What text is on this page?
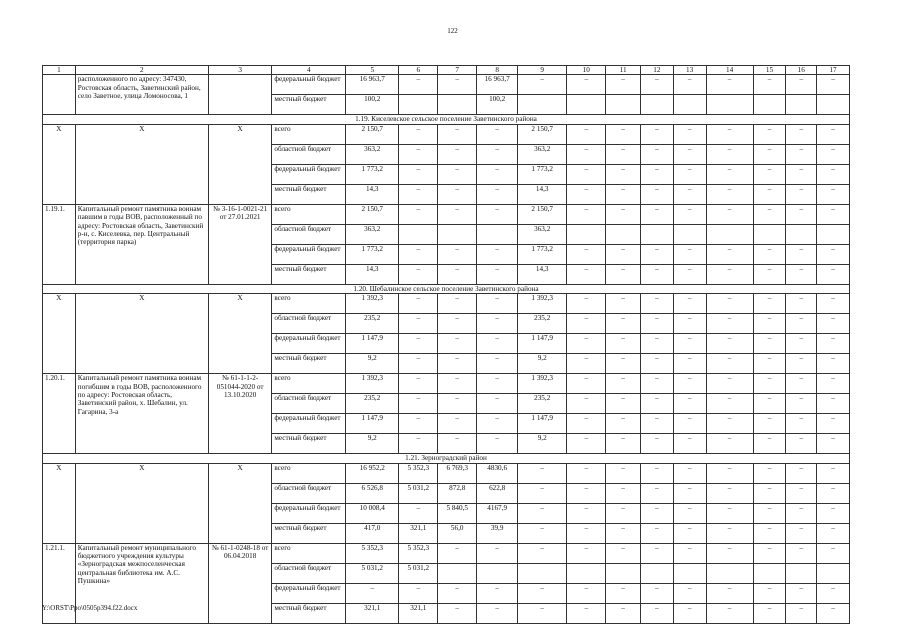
122
1	2	3	4	5	6	7	8	9	10	11	12	13	14	15	16	17
	расположенного по адресу: 347430, Ростовская область, Заветинский район, село Заветное, улица Ломоносова, 1		федеральный бюджет	16 963,7	–	–	16 963,7	–	–	–	–	–	–	–	–	–
			местный бюджет	100,2			100,2									
1.19. Киселевское сельское поселение Заветинского района																
X	X	X	всего	2 150,7	–	–	–	2 150,7	–	–	–	–	–	–	–	–
			областной бюджет	363,2	–	–	–	363,2	–	–	–	–	–	–	–	–
			федеральный бюджет	1 773,2	–	–	–	1 773,2	–	–	–	–	–	–	–	–
			местный бюджет	14,3	–	–	–	14,3	–	–	–	–	–	–	–	–
1.19.1.	Капитальный ремонт памятника воинам павшим в годы ВОВ, расположенный по адресу: Ростовская область, Заветинский р-н, с. Киселевка, пер. Центральный (территория парка)	№ 3-16-1-0021-21 от 27.01.2021	всего	2 150,7	–	–	–	2 150,7	–	–	–	–	–	–	–	–
			областной бюджет	363,2				363,2								
			федеральный бюджет	1 773,2	–	–	–	1 773,2	–	–	–	–	–	–	–	–
			местный бюджет	14,3	–	–	–	14,3	–	–	–	–	–	–	–	–
1.20. Шебалинское сельское поселение Заветинского района																
X	X	X	всего	1 392,3	–	–	–	1 392,3	–	–	–	–	–	–	–	–
			областной бюджет	235,2	–	–	–	235,2	–	–	–	–	–	–	–	–
			федеральный бюджет	1 147,9	–	–	–	1 147,9	–	–	–	–	–	–	–	–
			местный бюджет	9,2	–	–	–	9,2	–	–	–	–	–	–	–	–
1.20.1.	Капитальный ремонт памятника воинам погибшим в годы ВОВ, расположенного по адресу: Ростовская область, Заветинский район, х. Шебалин, ул. Гагарина, 3-а	№ 61-1-1-2-051044-2020 от 13.10.2020	всего	1 392,3	–	–	–	1 392,3	–	–	–	–	–	–	–	–
			областной бюджет	235,2	–	–	–	235,2	–	–	–	–	–	–	–	–
			федеральный бюджет	1 147,9	–	–	–	1 147,9	–	–	–	–	–	–	–	–
			местный бюджет	9,2	–	–	–	9,2	–	–	–	–	–	–	–	–
1.21. Зерноградский район																
X	X	X	всего	16 952,2	5 352,3	6 769,3	4830,6	–	–	–	–	–	–	–	–	–
			областной бюджет	6 526,8	5 031,2	872,8	622,8	–	–	–	–	–	–	–	–	–
			федеральный бюджет	10 008,4	–	5 840,5	4167,9	–	–	–	–	–	–	–	–	–
			местный бюджет	417,0	321,1	56,0	39,9	–	–	–	–	–	–	–	–	–
1.21.1.	Капитальный ремонт муниципального бюджетного учреждения культуры «Зерноградская межпоселенческая центральная библиотека им. А.С. Пушкина»	№ 61-1-0248-18 от 06.04.2018	всего	5 352,3	5 352,3	–	–	–	–	–	–	–	–	–	–	–
			областной бюджет	5 031,2	5 031,2											
			федеральный бюджет	–	–	–	–	–	–	–	–	–	–	–	–	–
			местный бюджет	321,1	321,1	–	–	–	–	–	–	–	–	–	–	–
Y:\ORST\Ppo\0505p394.f22.docx
